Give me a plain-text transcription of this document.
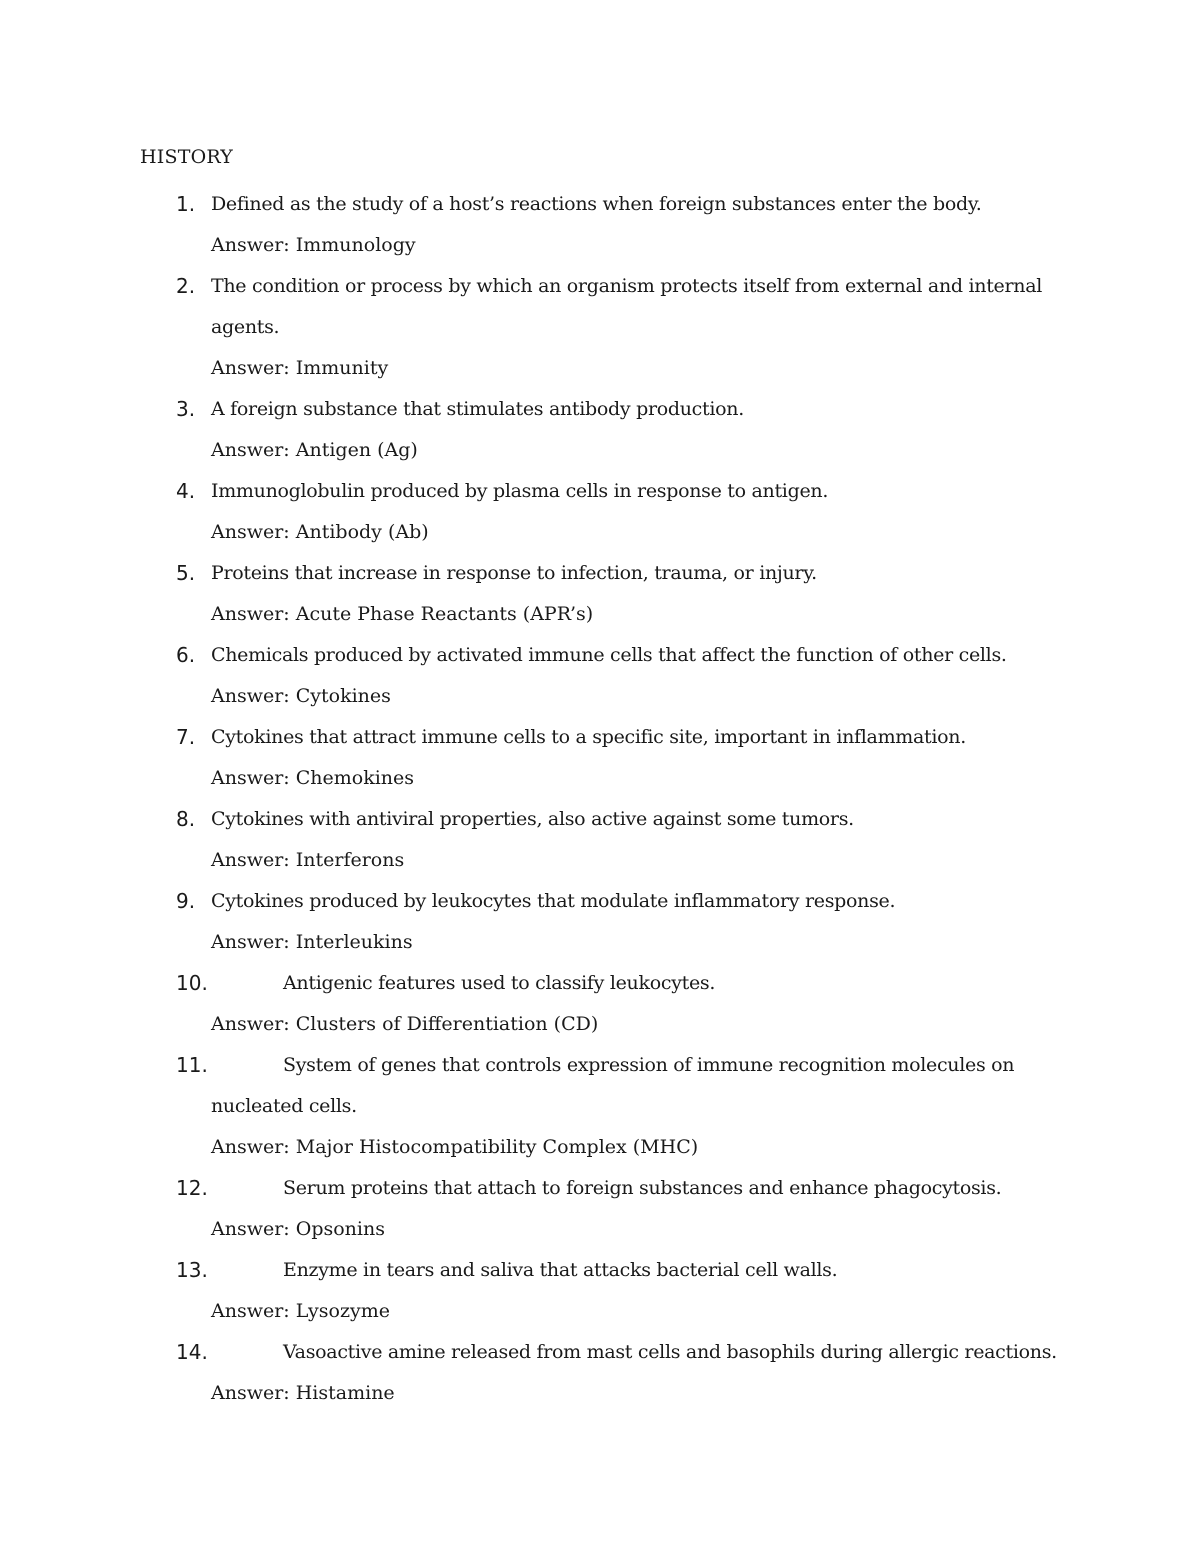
HISTORY
1. Defined as the study of a host’s reactions when foreign substances enter the body.
Answer: Immunology
2. The condition or process by which an organism protects itself from external and internal agents.
Answer: Immunity
3. A foreign substance that stimulates antibody production.
Answer: Antigen (Ag)
4. Immunoglobulin produced by plasma cells in response to antigen.
Answer: Antibody (Ab)
5. Proteins that increase in response to infection, trauma, or injury.
Answer: Acute Phase Reactants (APR’s)
6. Chemicals produced by activated immune cells that affect the function of other cells.
Answer: Cytokines
7. Cytokines that attract immune cells to a specific site, important in inflammation.
Answer: Chemokines
8. Cytokines with antiviral properties, also active against some tumors.
Answer: Interferons
9. Cytokines produced by leukocytes that modulate inflammatory response.
Answer: Interleukins
10.	Antigenic features used to classify leukocytes.
Answer: Clusters of Differentiation (CD)
11.	System of genes that controls expression of immune recognition molecules on nucleated cells.
Answer: Major Histocompatibility Complex (MHC)
12.	Serum proteins that attach to foreign substances and enhance phagocytosis.
Answer: Opsonins
13.	Enzyme in tears and saliva that attacks bacterial cell walls.
Answer: Lysozyme
14.	Vasoactive amine released from mast cells and basophils during allergic reactions.
Answer: Histamine
